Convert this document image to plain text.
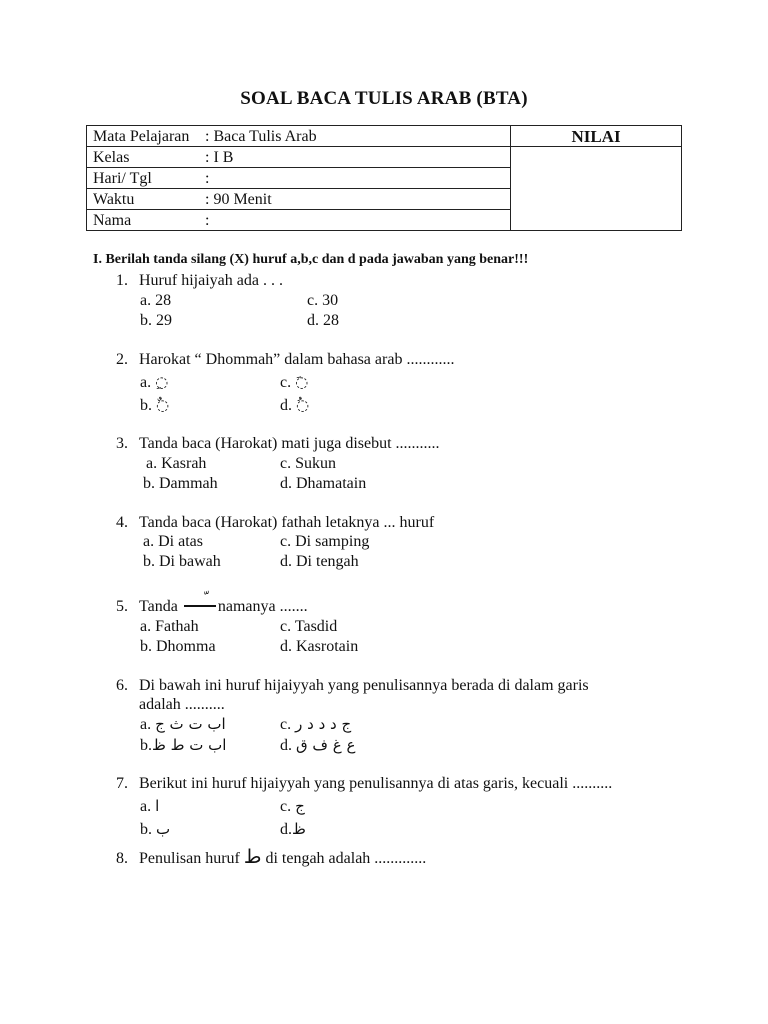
SOAL BACA TULIS ARAB (BTA)
Mata Pelajaran : Baca Tulis Arab	NILAI
Kelas : I B	
Hari/ Tgl :	
Waktu : 90 Menit	
Nama :	
I. Berilah tanda silang (X) huruf a,b,c dan d pada jawaban yang benar!!!
1. Huruf hijaiyah ada . . .
a. 28
b. 29
c. 30
d. 28
2. Harokat “ Dhommah” dalam bahasa arab ............
a. ◌ِ
b. ◌ٌ
c. ◌َ
d. ◌ُ
3. Tanda baca (Harokat) mati juga disebut ...........
a. Kasrah
b. Dammah
c. Sukun
d. Dhamatain
4. Tanda baca (Harokat) fathah letaknya ... huruf
a. Di atas
b. Di bawah
c. Di samping
d. Di tengah
5. Tanda	namanya .......
a. Fathah
b. Dhomma
c. Tasdid
d. Kasrotain
6. Di bawah ini huruf hijaiyyah yang penulisannya berada di dalam garis
adalah ..........
a. اب ت ث ج
b.اب ت ط ظ
c. ج د د د ر
d. ع غ ف ق
7. Berikut ini huruf hijaiyyah yang penulisannya di atas garis, kecuali ..........
a. ا
b. ب
c. ج
d.ظ
8. Penulisan huruf ط di tengah adalah .............
